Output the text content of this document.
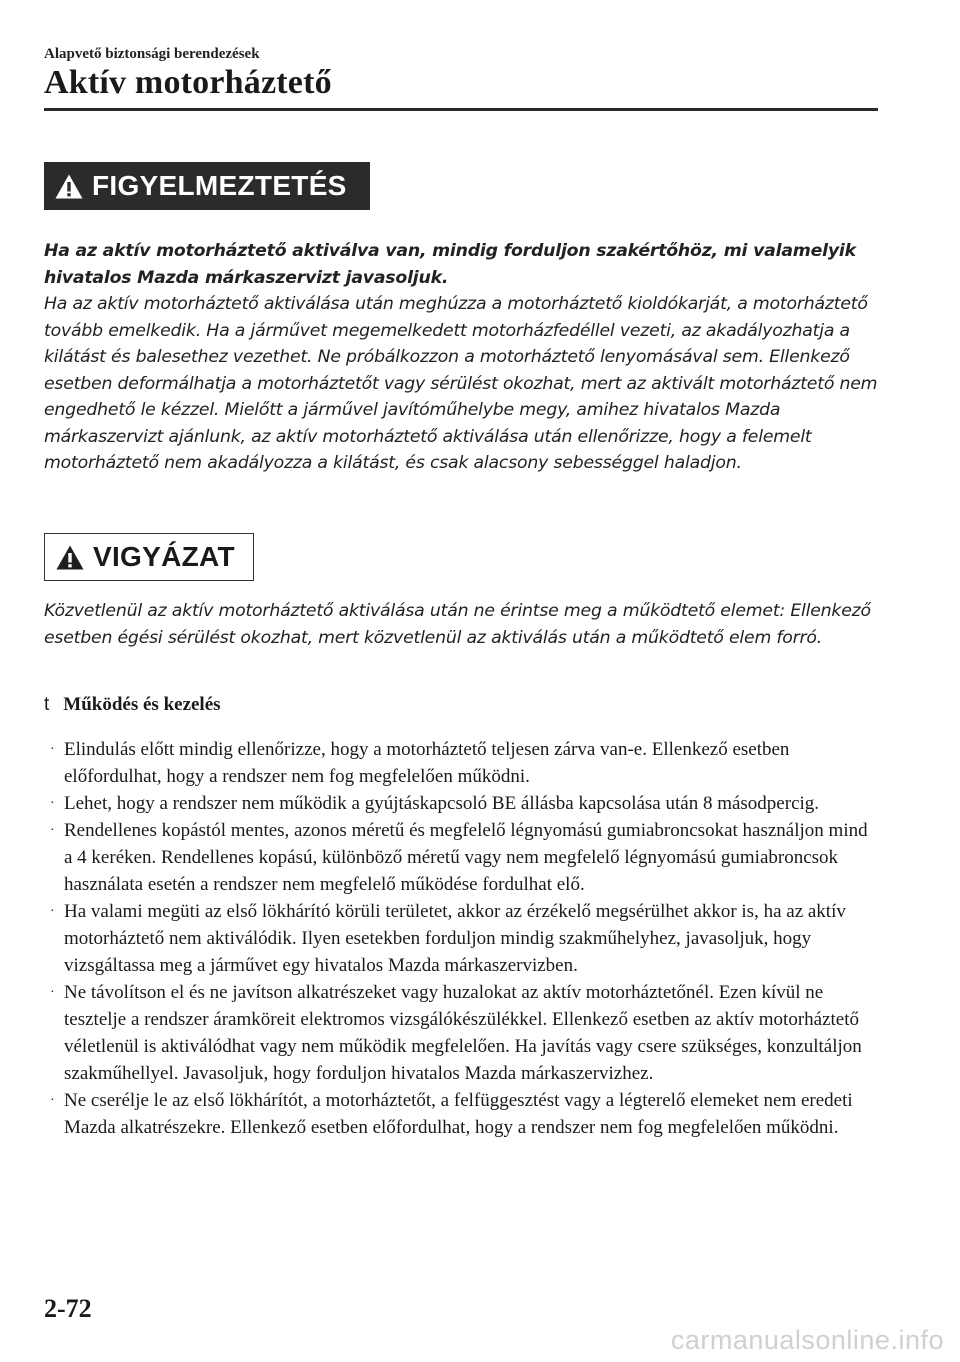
Alapvető biztonsági berendezések
Aktív motorháztető
FIGYELMEZTETÉS
Ha az aktív motorháztető aktiválva van, mindig forduljon szakértőhöz, mi valamelyik hivatalos Mazda márkaszervizt javasoljuk.
Ha az aktív motorháztető aktiválása után meghúzza a motorháztető kioldókarját, a motorháztető tovább emelkedik. Ha a járművet megemelkedett motorházfedéllel vezeti, az akadályozhatja a kilátást és balesethez vezethet. Ne próbálkozzon a motorháztető lenyomásával sem. Ellenkező esetben deformálhatja a motorháztetőt vagy sérülést okozhat, mert az aktivált motorháztető nem engedhető le kézzel. Mielőtt a járművel javítóműhelybe megy, amihez hivatalos Mazda márkaszervizt ajánlunk, az aktív motorháztető aktiválása után ellenőrizze, hogy a felemelt motorháztető nem akadályozza a kilátást, és csak alacsony sebességgel haladjon.
VIGYÁZAT
Közvetlenül az aktív motorháztető aktiválása után ne érintse meg a működtető elemet: Ellenkező esetben égési sérülést okozhat, mert közvetlenül az aktiválás után a működtető elem forró.
t Működés és kezelés
· Elindulás előtt mindig ellenőrizze, hogy a motorháztető teljesen zárva van-e. Ellenkező esetben előfordulhat, hogy a rendszer nem fog megfelelően működni.
· Lehet, hogy a rendszer nem működik a gyújtáskapcsoló BE állásba kapcsolása után 8 másodpercig.
· Rendellenes kopástól mentes, azonos méretű és megfelelő légnyomású gumiabroncsokat használjon mind a 4 keréken. Rendellenes kopású, különböző méretű vagy nem megfelelő légnyomású gumiabroncsok használata esetén a rendszer nem megfelelő működése fordulhat elő.
· Ha valami megüti az első lökhárító körüli területet, akkor az érzékelő megsérülhet akkor is, ha az aktív motorháztető nem aktiválódik. Ilyen esetekben forduljon mindig szakműhelyhez, javasoljuk, hogy vizsgáltassa meg a járművet egy hivatalos Mazda márkaszervizben.
· Ne távolítson el és ne javítson alkatrészeket vagy huzalokat az aktív motorháztetőnél. Ezen kívül ne tesztelje a rendszer áramköreit elektromos vizsgálókészülékkel. Ellenkező esetben az aktív motorháztető véletlenül is aktiválódhat vagy nem működik megfelelően. Ha javítás vagy csere szükséges, konzultáljon szakműhellyel. Javasoljuk, hogy forduljon hivatalos Mazda márkaszervizhez.
· Ne cserélje le az első lökhárítót, a motorháztetőt, a felfüggesztést vagy a légterelő elemeket nem eredeti Mazda alkatrészekre. Ellenkező esetben előfordulhat, hogy a rendszer nem fog megfelelően működni.
2-72
carmanualsonline.info
